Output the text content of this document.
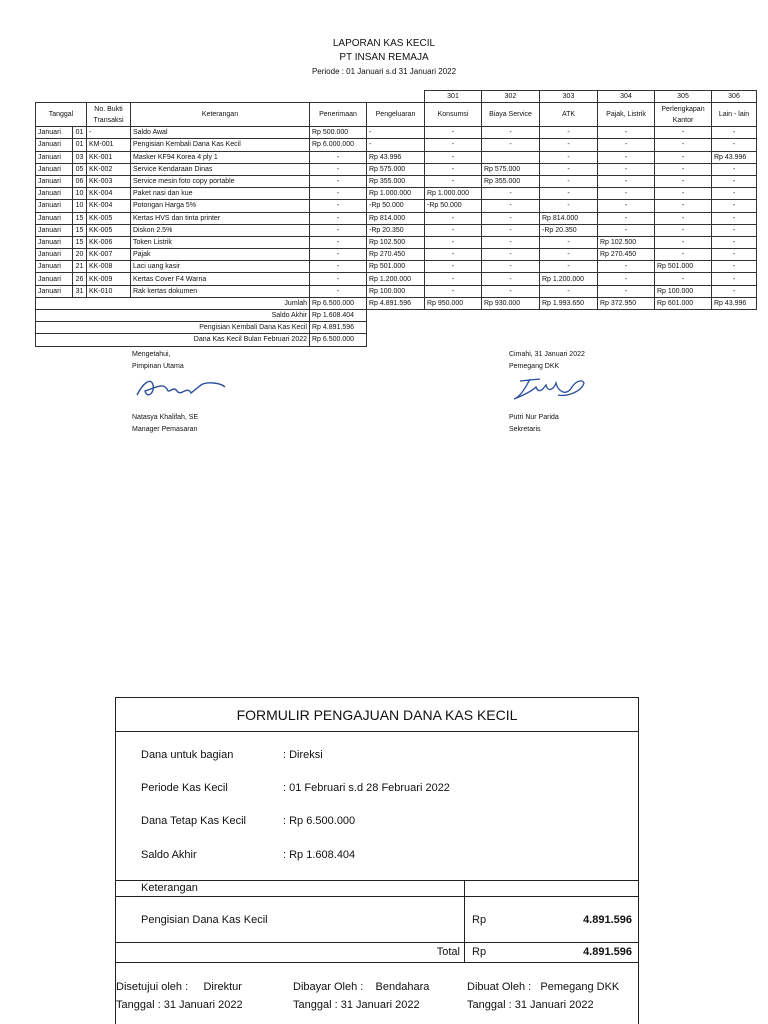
LAPORAN KAS KECIL
PT INSAN REMAJA
Periode : 01 Januari s.d 31 Januari 2022
						301	302	303	304	305	306
Tanggal		No. Bukti Transaksi	Keterangan	Penerimaan	Pengeluaran	Konsumsi	Biaya Service	ATK	Pajak, Listrik	Perlengkapan Kantor	Lain - lain
Januari	01	-	Saldo Awal	Rp 500.000	-	-	-	-	-	-	-
Januari	01	KM-001	Pengisian Kembali Dana Kas Kecil	Rp 6.000.000	-	-	-	-	-	-	-
Januari	03	KK-001	Masker KF94 Korea 4 ply 1	-	Rp 43.996	-		-	-	-	Rp 43.996
Januari	05	KK-002	Service Kendaraan Dinas	-	Rp 575.000	-	Rp 575.000	-	-	-	-
Januari	06	KK-003	Service mesin foto copy portable	-	Rp 355.000	-	Rp 355.000	-	-	-	-
Januari	10	KK-004	Paket nasi dan kue	-	Rp 1.000.000	Rp 1.000.000	-	-	-	-	-
Januari	10	KK-004	Potongan Harga 5%	-	-Rp 50.000	-Rp 50.000	-	-	-	-	-
Januari	15	KK-005	Kertas HVS dan tinta printer	-	Rp 814.000	-	-	Rp 814.000	-	-	-
Januari	15	KK-005	Diskon 2.5%	-	-Rp 20.350	-	-	-Rp 20.350	-	-	-
Januari	15	KK-006	Token Listrik	-	Rp 102.500	-	-	-	Rp 102.500	-	-
Januari	20	KK-007	Pajak	-	Rp 270.450	-	-	-	Rp 270.450	-	-
Januari	21	KK-008	Laci uang kasir	-	Rp 501.000	-	-	-	-	Rp 501.000	-
Januari	26	KK-009	Kertas Cover F4 Warna	-	Rp 1.200.000	-	-	Rp 1.200.000	-	-	-
Januari	31	KK-010	Rak kertas dokumen	-	Rp 100.000	-	-	-	-	Rp 100.000	-
Jumlah				Rp 6.500.000	Rp 4.891.596	Rp 950.000	Rp 930.000	Rp 1.993.650	Rp 372.950	Rp 601.000	Rp 43.996
Saldo Akhir				Rp 1.608.404							
Pengisian Kembali Dana Kas Kecil				Rp 4.891.596							
Dana Kas Kecil Bulan Februari 2022				Rp 6.500.000							
Mengetahui,
Pimpinan Utama
Natasya Khalifah, SE
Manager Pemasaran
Cimahi, 31 Januari 2022
Pemegang DKK
Putri Nur Parida
Sekretaris
FORMULIR PENGAJUAN DANA KAS KECIL
Dana untuk bagian	: Direksi
Periode Kas Kecil	: 01 Februari s.d 28 Februari 2022
Dana Tetap Kas Kecil	: Rp 6.500.000
Saldo Akhir	: Rp 1.608.404
Keterangan
Pengisian Dana Kas Kecil	Rp	4.891.596
Total Rp	4.891.596
Disetujui oleh : Direktur
Tanggal : 31 Januari 2022
Dibayar Oleh : Bendahara
Tanggal : 31 Januari 2022
Dibuat Oleh : Pemegang DKK
Tanggal : 31 Januari 2022
